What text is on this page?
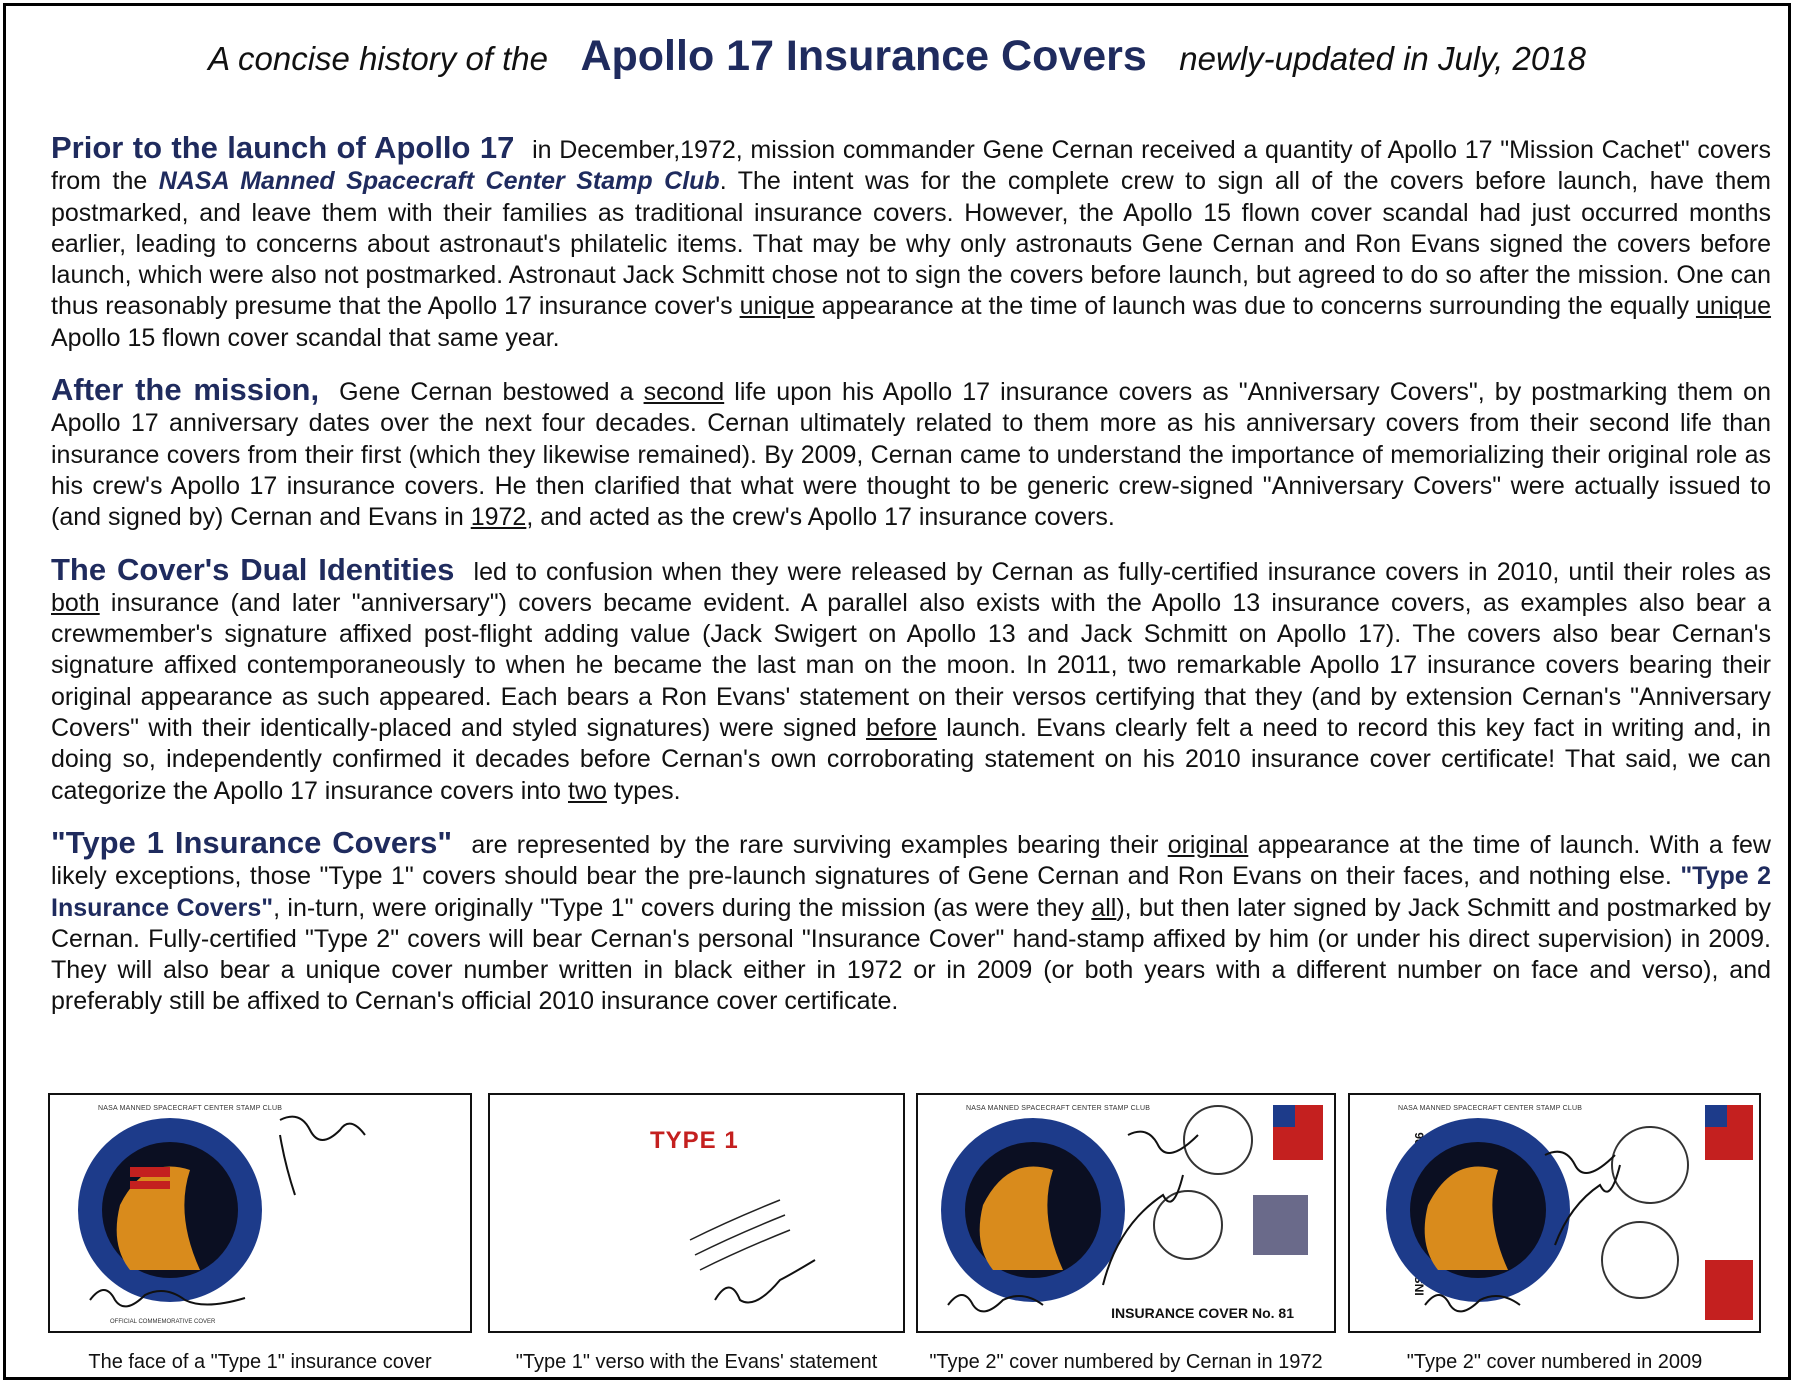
A concise history of the Apollo 17 Insurance Covers newly-updated in July, 2018

Prior to the launch of Apollo 17 in December,1972, mission commander Gene Cernan received a quantity of Apollo 17 "Mission Cachet" covers from the NASA Manned Spacecraft Center Stamp Club. The intent was for the complete crew to sign all of the covers before launch, have them postmarked, and leave them with their families as traditional insurance covers. However, the Apollo 15 flown cover scandal had just occurred months earlier, leading to concerns about astronaut's philatelic items. That may be why only astronauts Gene Cernan and Ron Evans signed the covers before launch, which were also not postmarked. Astronaut Jack Schmitt chose not to sign the covers before launch, but agreed to do so after the mission. One can thus reasonably presume that the Apollo 17 insurance cover's unique appearance at the time of launch was due to concerns surrounding the equally unique Apollo 15 flown cover scandal that same year.

After the mission, Gene Cernan bestowed a second life upon his Apollo 17 insurance covers as "Anniversary Covers", by postmarking them on Apollo 17 anniversary dates over the next four decades. Cernan ultimately related to them more as his anniversary covers from their second life than insurance covers from their first (which they likewise remained). By 2009, Cernan came to understand the importance of memorializing their original role as his crew's Apollo 17 insurance covers. He then clarified that what were thought to be generic crew-signed "Anniversary Covers" were actually issued to (and signed by) Cernan and Evans in 1972, and acted as the crew's Apollo 17 insurance covers.

The Cover's Dual Identities led to confusion when they were released by Cernan as fully-certified insurance covers in 2010, until their roles as both insurance (and later "anniversary") covers became evident. A parallel also exists with the Apollo 13 insurance covers, as examples also bear a crewmember's signature affixed post-flight adding value (Jack Swigert on Apollo 13 and Jack Schmitt on Apollo 17). The covers also bear Cernan's signature affixed contemporaneously to when he became the last man on the moon. In 2011, two remarkable Apollo 17 insurance covers bearing their original appearance as such appeared. Each bears a Ron Evans' statement on their versos certifying that they (and by extension Cernan's "Anniversary Covers" with their identically-placed and styled signatures) were signed before launch. Evans clearly felt a need to record this key fact in writing and, in doing so, independently confirmed it decades before Cernan's own corroborating statement on his 2010 insurance cover certificate! That said, we can categorize the Apollo 17 insurance covers into two types.

"Type 1 Insurance Covers" are represented by the rare surviving examples bearing their original appearance at the time of launch. With a few likely exceptions, those "Type 1" covers should bear the pre-launch signatures of Gene Cernan and Ron Evans on their faces, and nothing else. "Type 2 Insurance Covers", in-turn, were originally "Type 1" covers during the mission (as were they all), but then later signed by Jack Schmitt and postmarked by Cernan. Fully-certified "Type 2" covers will bear Cernan's personal "Insurance Cover" hand-stamp affixed by him (or under his direct supervision) in 2009. They will also bear a unique cover number written in black either in 1972 or in 2009 (or both years with a different number on face and verso), and preferably still be affixed to Cernan's official 2010 insurance cover certificate.

NASA MANNED SPACECRAFT CENTER STAMP CLUB
OFFICIAL COMMEMORATIVE COVER
The face of a "Type 1" insurance cover
TYPE 1
"Type 1" verso with the Evans' statement
NASA MANNED SPACECRAFT CENTER STAMP CLUB
INSURANCE COVER No. 81
"Type 2" cover numbered by Cernan in 1972
NASA MANNED SPACECRAFT CENTER STAMP CLUB
"Type 2" cover numbered in 2009
